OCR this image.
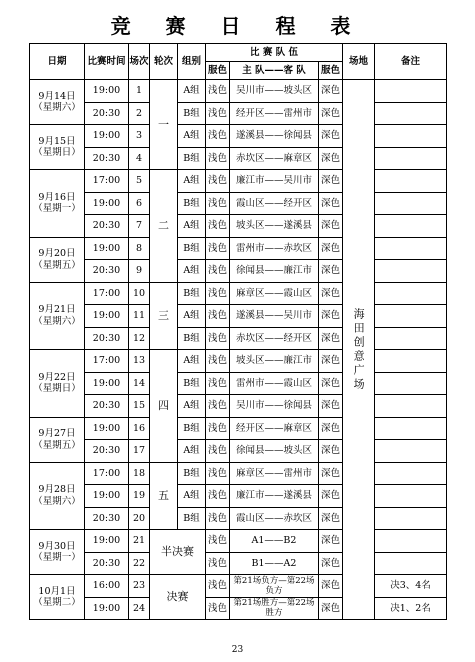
竞 赛 日 程 表
日期	比赛时间	场次	轮次	组别	比 赛 队 伍			场地	备注
					服色	主 队——客 队	服色		

9月14日
（星期六）	19:00	1	一	A组	浅色	吴川市——坡头区	深色	海田创意广场	

	20:30	2		B组	浅色	经开区——雷州市	深色		

9月15日
（星期日）	19:00	3		A组	浅色	遂溪县——徐闻县	深色		
	20:30	4		B组	浅色	赤坎区——麻章区	深色		

9月16日
（星期一）	17:00	5	二	A组	浅色	廉江市——吴川市	深色		
	19:00	6		B组	浅色	霞山区——经开区	深色		
	20:30	7		A组	浅色	坡头区——遂溪县	深色		

9月20日
（星期五）	19:00	8		B组	浅色	雷州市——赤坎区	深色		
	20:30	9		A组	浅色	徐闻县——廉江市	深色		

9月21日
（星期六）	17:00	10	三	B组	浅色	麻章区——霞山区	深色		
	19:00	11		A组	浅色	遂溪县——吴川市	深色		
	20:30	12		B组	浅色	赤坎区——经开区	深色		

9月22日
（星期日）	17:00	13	四	A组	浅色	坡头区——廉江市	深色		
	19:00	14		B组	浅色	雷州市——霞山区	深色		
	20:30	15		A组	浅色	吴川市——徐闻县	深色		

9月27日
（星期五）	19:00	16		B组	浅色	经开区——麻章区	深色		
	20:30	17		A组	浅色	徐闻县——坡头区	深色		

9月28日
（星期六）	17:00	18	五	B组	浅色	麻章区——雷州市	深色		
	19:00	19		A组	浅色	廉江市——遂溪县	深色		
	20:30	20		B组	浅色	霞山区——赤坎区	深色		

9月30日
（星期一）	19:00	21	半决赛		浅色	A1——B2	深色		
	20:30	22			浅色	B1——A2	深色		

10月1日
（星期二）	16:00	23	决赛		浅色	第21场负方—第22场负方	深色		决3、4名
	19:00	24			浅色	第21场胜方—第22场胜方	深色		决1、2名
23
